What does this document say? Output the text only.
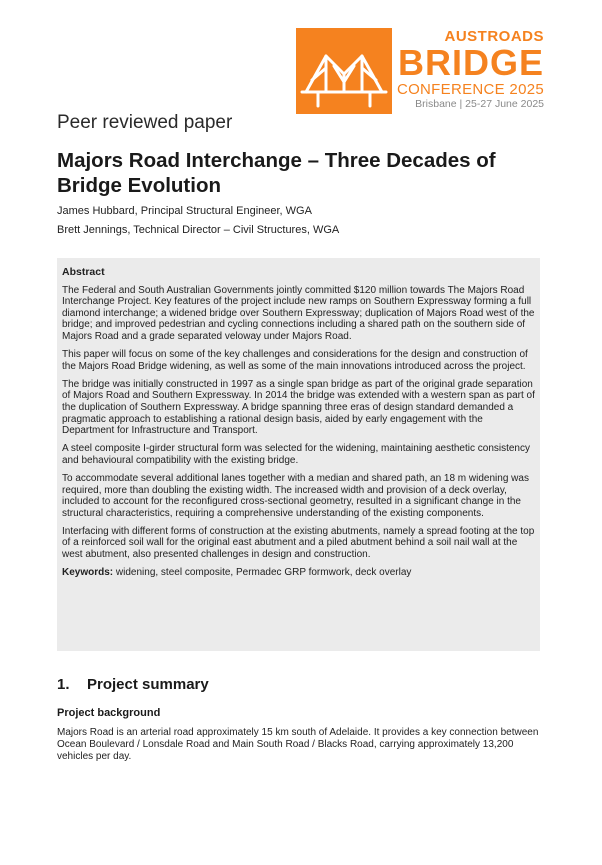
AUSTROADS
BRIDGE
CONFERENCE 2025
Brisbane | 25-27 June 2025
Peer reviewed paper
Majors Road Interchange – Three Decades of Bridge Evolution
James Hubbard, Principal Structural Engineer, WGA
Brett Jennings, Technical Director – Civil Structures, WGA
Abstract

The Federal and South Australian Governments jointly committed $120 million towards The Majors Road Interchange Project. Key features of the project include new ramps on Southern Expressway forming a full diamond interchange; a widened bridge over Southern Expressway; duplication of Majors Road west of the bridge; and improved pedestrian and cycling connections including a shared path on the southern side of Majors Road and a grade separated veloway under Majors Road.

This paper will focus on some of the key challenges and considerations for the design and construction of the Majors Road Bridge widening, as well as some of the main innovations introduced across the project.

The bridge was initially constructed in 1997 as a single span bridge as part of the original grade separation of Majors Road and Southern Expressway. In 2014 the bridge was extended with a western span as part of the duplication of Southern Expressway. A bridge spanning three eras of design standard demanded a pragmatic approach to establishing a rational design basis, aided by early engagement with the Department for Infrastructure and Transport.

A steel composite I-girder structural form was selected for the widening, maintaining aesthetic consistency and behavioural compatibility with the existing bridge.

To accommodate several additional lanes together with a median and shared path, an 18 m widening was required, more than doubling the existing width. The increased width and provision of a deck overlay, included to account for the reconfigured cross-sectional geometry, resulted in a significant change in the structural characteristics, requiring a comprehensive understanding of the existing components.

Interfacing with different forms of construction at the existing abutments, namely a spread footing at the top of a reinforced soil wall for the original east abutment and a piled abutment behind a soil nail wall at the west abutment, also presented challenges in design and construction.

Keywords: widening, steel composite, Permadec GRP formwork, deck overlay
1. Project summary
Project background

Majors Road is an arterial road approximately 15 km south of Adelaide. It provides a key connection between Ocean Boulevard / Lonsdale Road and Main South Road / Blacks Road, carrying approximately 13,200 vehicles per day.
